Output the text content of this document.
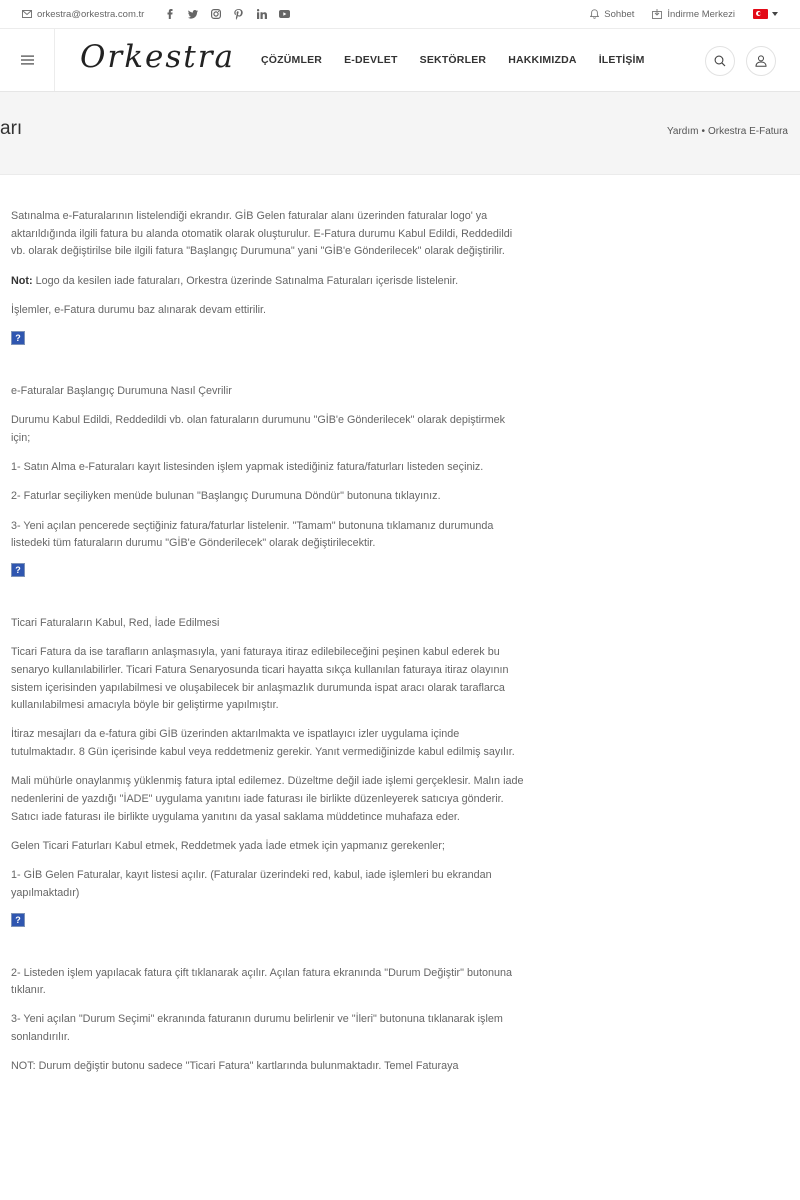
orkestra@orkestra.com.tr	Sohbet	İndirme Merkezi
Orkestra ÇÖZÜMLER E-DEVLET SEKTÖRLER HAKKIMIZDA İLETİŞİM
arı	Yardım • Orkestra E-Fatura

Satınalma e-Faturalarının listelendiği ekrandır. GİB Gelen faturalar alanı üzerinden faturalar logo' ya aktarıldığında ilgili fatura bu alanda otomatik olarak oluşturulur. E-Fatura durumu Kabul Edildi, Reddedildi vb. olarak değiştirilse bile ilgili fatura "Başlangıç Durumuna" yani "GİB'e Gönderilecek" olarak değiştirilir.

Not: Logo da kesilen iade faturaları, Orkestra üzerinde Satınalma Faturaları içerisde listelenir.

İşlemler, e-Fatura durumu baz alınarak devam ettirilir.

?

e-Faturalar Başlangıç Durumuna Nasıl Çevrilir

Durumu Kabul Edildi, Reddedildi vb. olan faturaların durumunu "GİB'e Gönderilecek" olarak depiştirmek için;

1- Satın Alma e-Faturaları kayıt listesinden işlem yapmak istediğiniz fatura/faturları listeden seçiniz.

2- Faturlar seçiliyken menüde bulunan "Başlangıç Durumuna Döndür" butonuna tıklayınız.

3- Yeni açılan pencerede seçtiğiniz fatura/faturlar listelenir. "Tamam" butonuna tıklamanız durumunda listedeki tüm faturaların durumu "GİB'e Gönderilecek" olarak değiştirilecektir.

?

Ticari Faturaların Kabul, Red, İade Edilmesi

Ticari Fatura da ise tarafların anlaşmasıyla, yani faturaya itiraz edilebileceğini peşinen kabul ederek bu senaryo kullanılabilirler. Ticari Fatura Senaryosunda ticari hayatta sıkça kullanılan faturaya itiraz olayının sistem içerisinden yapılabilmesi ve oluşabilecek bir anlaşmazlık durumunda ispat aracı olarak taraflarca kullanılabilmesi amacıyla böyle bir geliştirme yapılmıştır.

İtiraz mesajları da e-fatura gibi GİB üzerinden aktarılmakta ve ispatlayıcı izler uygulama içinde tutulmaktadır. 8 Gün içerisinde kabul veya reddetmeniz gerekir. Yanıt vermediğinizde kabul edilmiş sayılır.

Mali mühürle onaylanmış yüklenmiş fatura iptal edilemez. Düzeltme değil iade işlemi gerçeklesir. Malın iade nedenlerini de yazdığı "İADE" uygulama yanıtını iade faturası ile birlikte düzenleyerek satıcıya gönderir. Satıcı iade faturası ile birlikte uygulama yanıtını da yasal saklama müddetince muhafaza eder.

Gelen Ticari Faturları Kabul etmek, Reddetmek yada İade etmek için yapmanız gerekenler;

1- GİB Gelen Faturalar, kayıt listesi açılır. (Faturalar üzerindeki red, kabul, iade işlemleri bu ekrandan yapılmaktadır)

?

2- Listeden işlem yapılacak fatura çift tıklanarak açılır. Açılan fatura ekranında "Durum Değiştir" butonuna tıklanır.

3- Yeni açılan "Durum Seçimi" ekranında faturanın durumu belirlenir ve "İleri" butonuna tıklanarak işlem sonlandırılır.

NOT: Durum değiştir butonu sadece "Ticari Fatura" kartlarında bulunmaktadır. Temel Faturaya
